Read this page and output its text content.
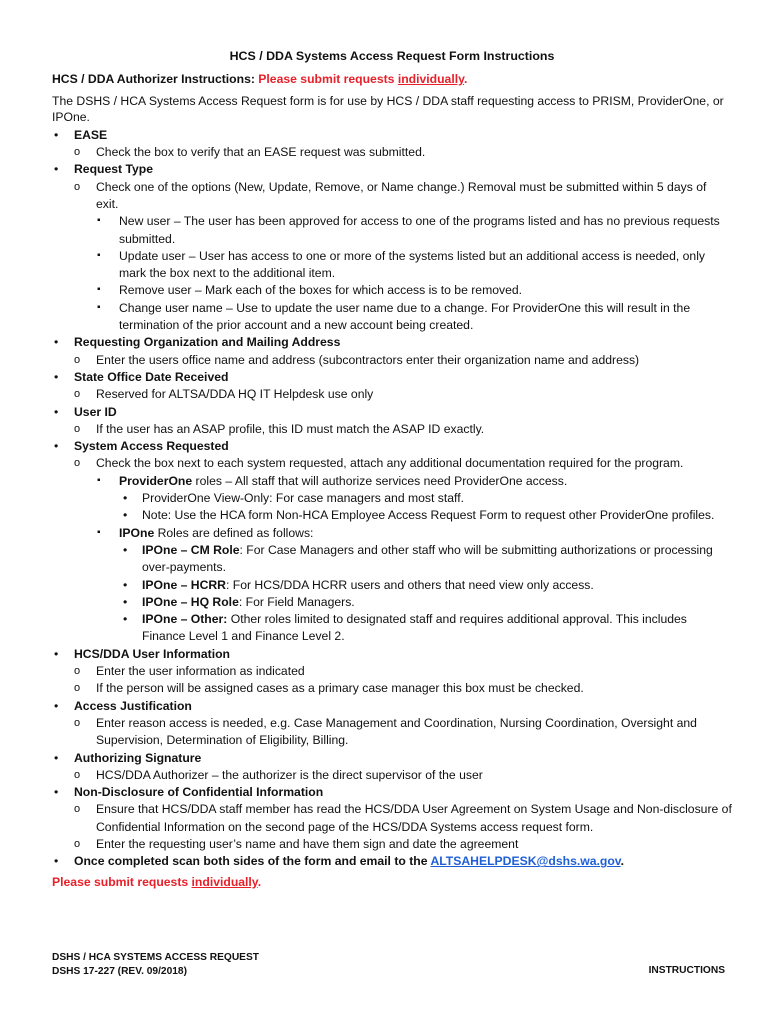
HCS / DDA Systems Access Request Form Instructions
HCS / DDA Authorizer Instructions: Please submit requests individually.
The DSHS / HCA Systems Access Request form is for use by HCS / DDA staff requesting access to PRISM, ProviderOne, or IPOne.
• EASE
o Check the box to verify that an EASE request was submitted.
• Request Type
o Check one of the options (New, Update, Remove, or Name change.) Removal must be submitted within 5 days of exit.
▪ New user – The user has been approved for access to one of the programs listed and has no previous requests submitted.
▪ Update user – User has access to one or more of the systems listed but an additional access is needed, only mark the box next to the additional item.
▪ Remove user – Mark each of the boxes for which access is to be removed.
▪ Change user name – Use to update the user name due to a change. For ProviderOne this will result in the termination of the prior account and a new account being created.
• Requesting Organization and Mailing Address
o Enter the users office name and address (subcontractors enter their organization name and address)
• State Office Date Received
o Reserved for ALTSA/DDA HQ IT Helpdesk use only
• User ID
o If the user has an ASAP profile, this ID must match the ASAP ID exactly.
• System Access Requested
o Check the box next to each system requested, attach any additional documentation required for the program.
▪ ProviderOne roles – All staff that will authorize services need ProviderOne access.
• ProviderOne View-Only: For case managers and most staff.
• Note: Use the HCA form Non-HCA Employee Access Request Form to request other ProviderOne profiles.
▪ IPOne Roles are defined as follows:
• IPOne – CM Role: For Case Managers and other staff who will be submitting authorizations or processing over-payments.
• IPOne – HCRR: For HCS/DDA HCRR users and others that need view only access.
• IPOne – HQ Role: For Field Managers.
• IPOne – Other: Other roles limited to designated staff and requires additional approval. This includes Finance Level 1 and Finance Level 2.
• HCS/DDA User Information
o Enter the user information as indicated
o If the person will be assigned cases as a primary case manager this box must be checked.
• Access Justification
o Enter reason access is needed, e.g. Case Management and Coordination, Nursing Coordination, Oversight and Supervision, Determination of Eligibility, Billing.
• Authorizing Signature
o HCS/DDA Authorizer – the authorizer is the direct supervisor of the user
• Non-Disclosure of Confidential Information
o Ensure that HCS/DDA staff member has read the HCS/DDA User Agreement on System Usage and Non-disclosure of Confidential Information on the second page of the HCS/DDA Systems access request form.
o Enter the requesting user’s name and have them sign and date the agreement
• Once completed scan both sides of the form and email to the ALTSAHELPDESK@dshs.wa.gov.
Please submit requests individually.
DSHS / HCA SYSTEMS ACCESS REQUEST
DSHS 17-227 (REV. 09/2018)	INSTRUCTIONS
